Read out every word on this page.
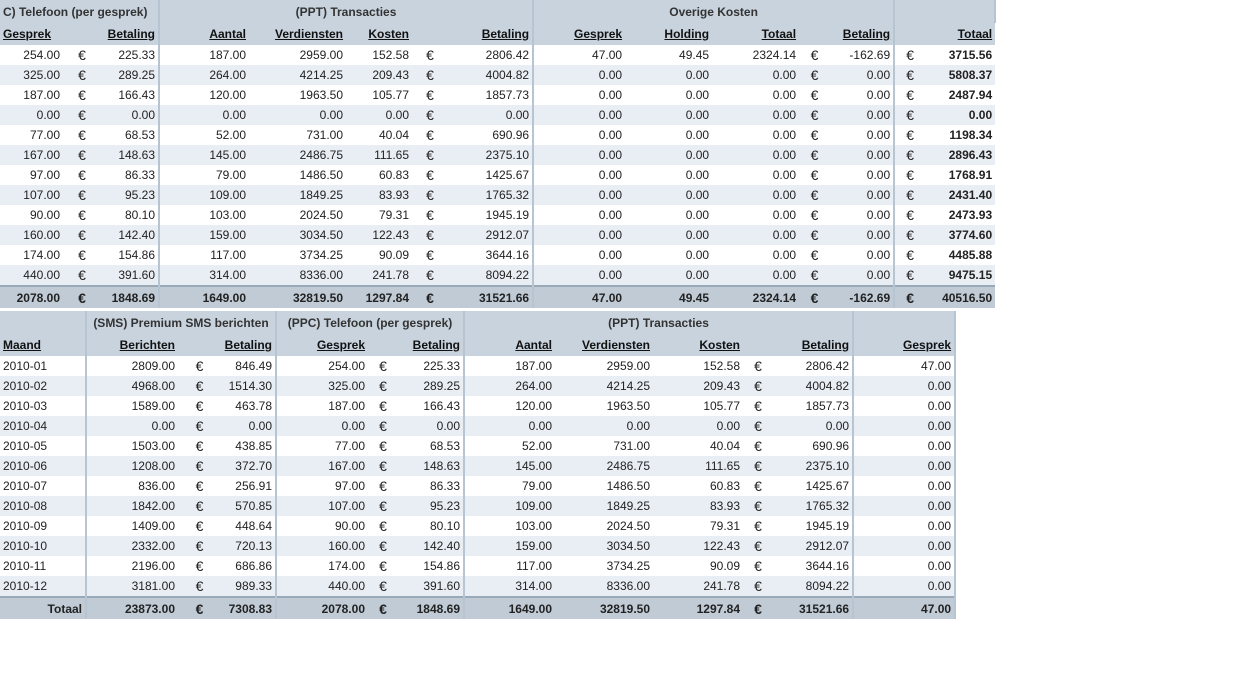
C) Telefoon (per gesprek)			(PPT) Transacties					Overige Kosten						
Gesprek		Betaling	Aantal	Verdiensten	Kosten		Betaling	Gesprek	Holding	Totaal		Betaling		Totaal
254.00	€	225.33	187.00	2959.00	152.58	€	2806.42	47.00	49.45	2324.14	€	-162.69	€	3715.56
325.00	€	289.25	264.00	4214.25	209.43	€	4004.82	0.00	0.00	0.00	€	0.00	€	5808.37
187.00	€	166.43	120.00	1963.50	105.77	€	1857.73	0.00	0.00	0.00	€	0.00	€	2487.94
0.00	€	0.00	0.00	0.00	0.00	€	0.00	0.00	0.00	0.00	€	0.00	€	0.00
77.00	€	68.53	52.00	731.00	40.04	€	690.96	0.00	0.00	0.00	€	0.00	€	1198.34
167.00	€	148.63	145.00	2486.75	111.65	€	2375.10	0.00	0.00	0.00	€	0.00	€	2896.43
97.00	€	86.33	79.00	1486.50	60.83	€	1425.67	0.00	0.00	0.00	€	0.00	€	1768.91
107.00	€	95.23	109.00	1849.25	83.93	€	1765.32	0.00	0.00	0.00	€	0.00	€	2431.40
90.00	€	80.10	103.00	2024.50	79.31	€	1945.19	0.00	0.00	0.00	€	0.00	€	2473.93
160.00	€	142.40	159.00	3034.50	122.43	€	2912.07	0.00	0.00	0.00	€	0.00	€	3774.60
174.00	€	154.86	117.00	3734.25	90.09	€	3644.16	0.00	0.00	0.00	€	0.00	€	4485.88
440.00	€	391.60	314.00	8336.00	241.78	€	8094.22	0.00	0.00	0.00	€	0.00	€	9475.15
2078.00	€	1848.69	1649.00	32819.50	1297.84	€	31521.66	47.00	49.45	2324.14	€	-162.69	€	40516.50
	(SMS) Premium SMS berichten			(PPC) Telefoon (per gesprek)			(PPT) Transacties					
Maand	Berichten		Betaling	Gesprek		Betaling	Aantal	Verdiensten	Kosten		Betaling	Gesprek
2010-01	2809.00	€	846.49	254.00	€	225.33	187.00	2959.00	152.58	€	2806.42	47.00
2010-02	4968.00	€	1514.30	325.00	€	289.25	264.00	4214.25	209.43	€	4004.82	0.00
2010-03	1589.00	€	463.78	187.00	€	166.43	120.00	1963.50	105.77	€	1857.73	0.00
2010-04	0.00	€	0.00	0.00	€	0.00	0.00	0.00	0.00	€	0.00	0.00
2010-05	1503.00	€	438.85	77.00	€	68.53	52.00	731.00	40.04	€	690.96	0.00
2010-06	1208.00	€	372.70	167.00	€	148.63	145.00	2486.75	111.65	€	2375.10	0.00
2010-07	836.00	€	256.91	97.00	€	86.33	79.00	1486.50	60.83	€	1425.67	0.00
2010-08	1842.00	€	570.85	107.00	€	95.23	109.00	1849.25	83.93	€	1765.32	0.00
2010-09	1409.00	€	448.64	90.00	€	80.10	103.00	2024.50	79.31	€	1945.19	0.00
2010-10	2332.00	€	720.13	160.00	€	142.40	159.00	3034.50	122.43	€	2912.07	0.00
2010-11	2196.00	€	686.86	174.00	€	154.86	117.00	3734.25	90.09	€	3644.16	0.00
2010-12	3181.00	€	989.33	440.00	€	391.60	314.00	8336.00	241.78	€	8094.22	0.00
Totaal	23873.00	€	7308.83	2078.00	€	1848.69	1649.00	32819.50	1297.84	€	31521.66	47.00
